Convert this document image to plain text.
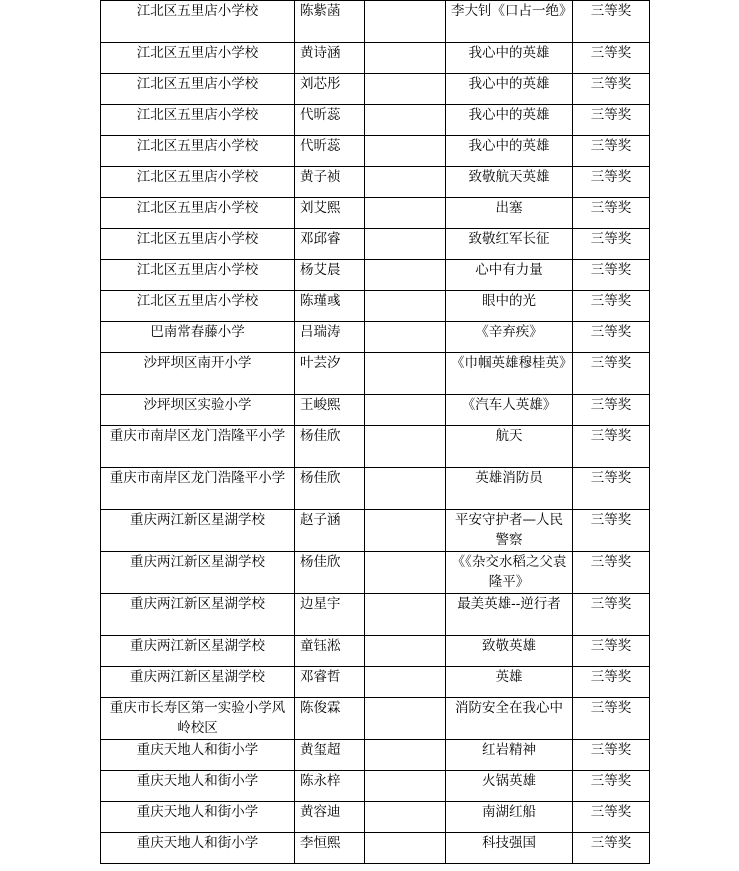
江北区五里店小学校	陈紫菡		李大钊《口占一绝》	三等奖
江北区五里店小学校	黄诗涵		我心中的英雄	三等奖
江北区五里店小学校	刘芯彤		我心中的英雄	三等奖
江北区五里店小学校	代昕蕊		我心中的英雄	三等奖
江北区五里店小学校	代昕蕊		我心中的英雄	三等奖
江北区五里店小学校	黄子祯		致敬航天英雄	三等奖
江北区五里店小学校	刘艾熙		出塞	三等奖
江北区五里店小学校	邓邱睿		致敬红军长征	三等奖
江北区五里店小学校	杨艾晨		心中有力量	三等奖
江北区五里店小学校	陈瑾彧		眼中的光	三等奖
巴南常春藤小学	吕瑞涛		《辛弃疾》	三等奖
沙坪坝区南开小学	叶芸汐		《巾帼英雄穆桂英》	三等奖
沙坪坝区实验小学	王峻熙		《汽车人英雄》	三等奖
重庆市南岸区龙门浩隆平小学	杨佳欣		航天	三等奖
重庆市南岸区龙门浩隆平小学	杨佳欣		英雄消防员	三等奖
重庆两江新区星湖学校	赵子涵		平安守护者—人民警察	三等奖
重庆两江新区星湖学校	杨佳欣		《《杂交水稻之父袁隆平》	三等奖
重庆两江新区星湖学校	边星宇		最美英雄--逆行者	三等奖
重庆两江新区星湖学校	童钰淞		致敬英雄	三等奖
重庆两江新区星湖学校	邓睿哲		英雄	三等奖
重庆市长寿区第一实验小学风岭校区	陈俊霖		消防安全在我心中	三等奖
重庆天地人和街小学	黄玺超		红岩精神	三等奖
重庆天地人和街小学	陈永梓		火锅英雄	三等奖
重庆天地人和街小学	黄容迪		南湖红船	三等奖
重庆天地人和街小学	李恒熙		科技强国	三等奖
